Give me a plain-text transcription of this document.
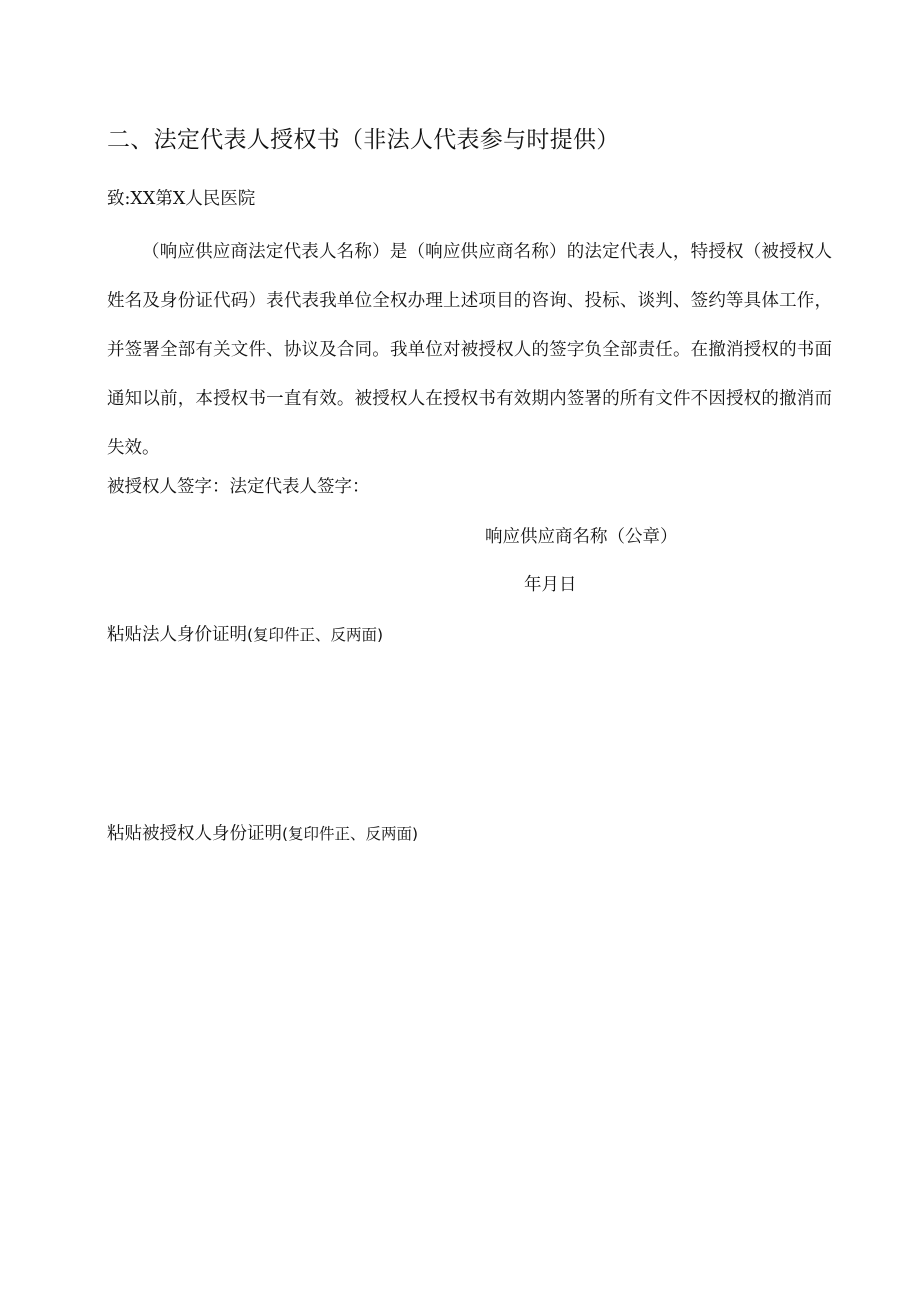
二、法定代表人授权书（非法人代表参与时提供）
致:XX第X人民医院

（响应供应商法定代表人名称）是（响应供应商名称）的法定代表人，特授权（被授权人姓名及身份证代码）表代表我单位全权办理上述项目的咨询、投标、谈判、签约等具体工作，并签署全部有关文件、协议及合同。我单位对被授权人的签字负全部责任。在撤消授权的书面通知以前，本授权书一直有效。被授权人在授权书有效期内签署的所有文件不因授权的撤消而失效。

被授权人签字：法定代表人签字：
响应供应商名称（公章）
年月日
粘贴法人身价证明(复印件正、反两面)
粘贴被授权人身份证明(复印件正、反两面)
